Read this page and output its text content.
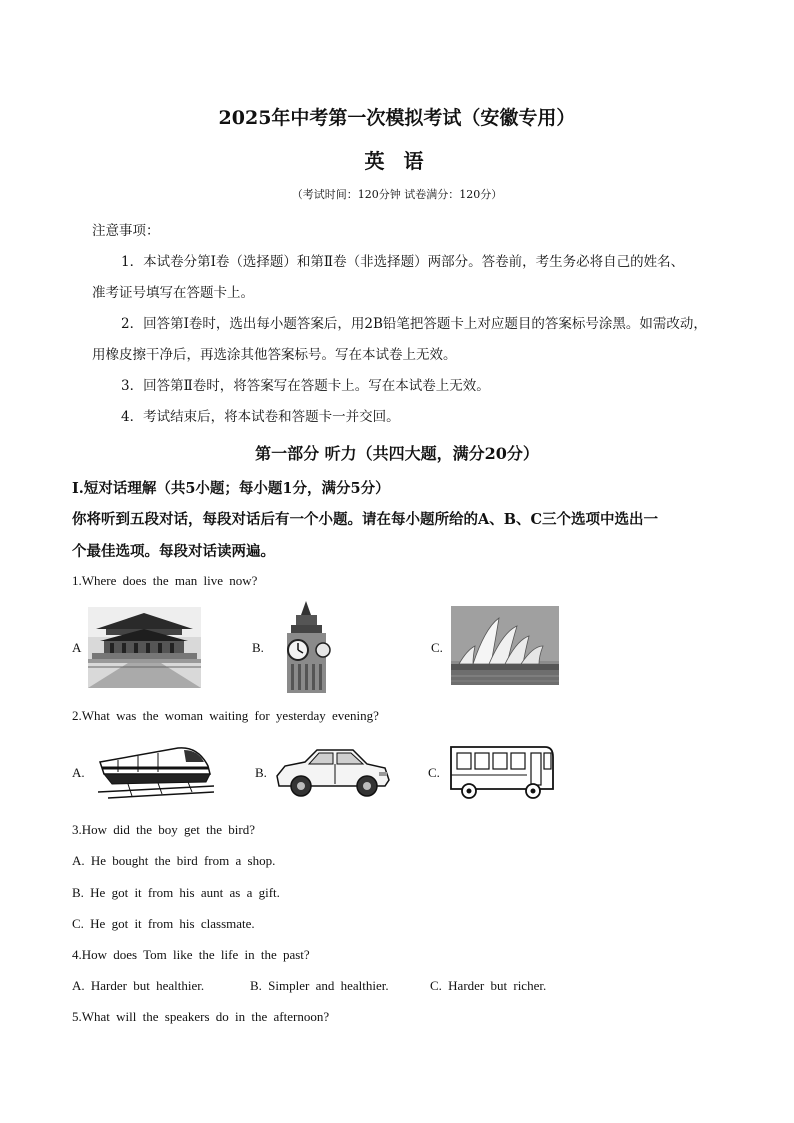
2025年中考第一次模拟考试（安徽专用）
英 语
（考试时间：120分钟 试卷满分：120分）
注意事项：
1．本试卷分第Ⅰ卷（选择题）和第Ⅱ卷（非选择题）两部分。答卷前，考生务必将自己的姓名、
准考证号填写在答题卡上。
2．回答第Ⅰ卷时，选出每小题答案后，用2B铅笔把答题卡上对应题目的答案标号涂黑。如需改动，
用橡皮擦干净后，再选涂其他答案标号。写在本试卷上无效。
3．回答第Ⅱ卷时，将答案写在答题卡上。写在本试卷上无效。
4．考试结束后，将本试卷和答题卡一并交回。
第一部分 听力（共四大题，满分20分）
Ⅰ.短对话理解（共5小题；每小题1分，满分5分）
你将听到五段对话，每段对话后有一个小题。请在每小题所给的A、B、C三个选项中选出一
个最佳选项。每段对话读两遍。
1.Where does the man live now?
A	B.	C.
2.What was the woman waiting for yesterday evening?
A.	B.	C.
3.How did the boy get the bird?
A. He bought the bird from a shop.
B. He got it from his aunt as a gift.
C. He got it from his classmate.
4.How does Tom like the life in the past?
A. Harder but healthier.	B. Simpler and healthier.	C. Harder but richer.
5.What will the speakers do in the afternoon?
